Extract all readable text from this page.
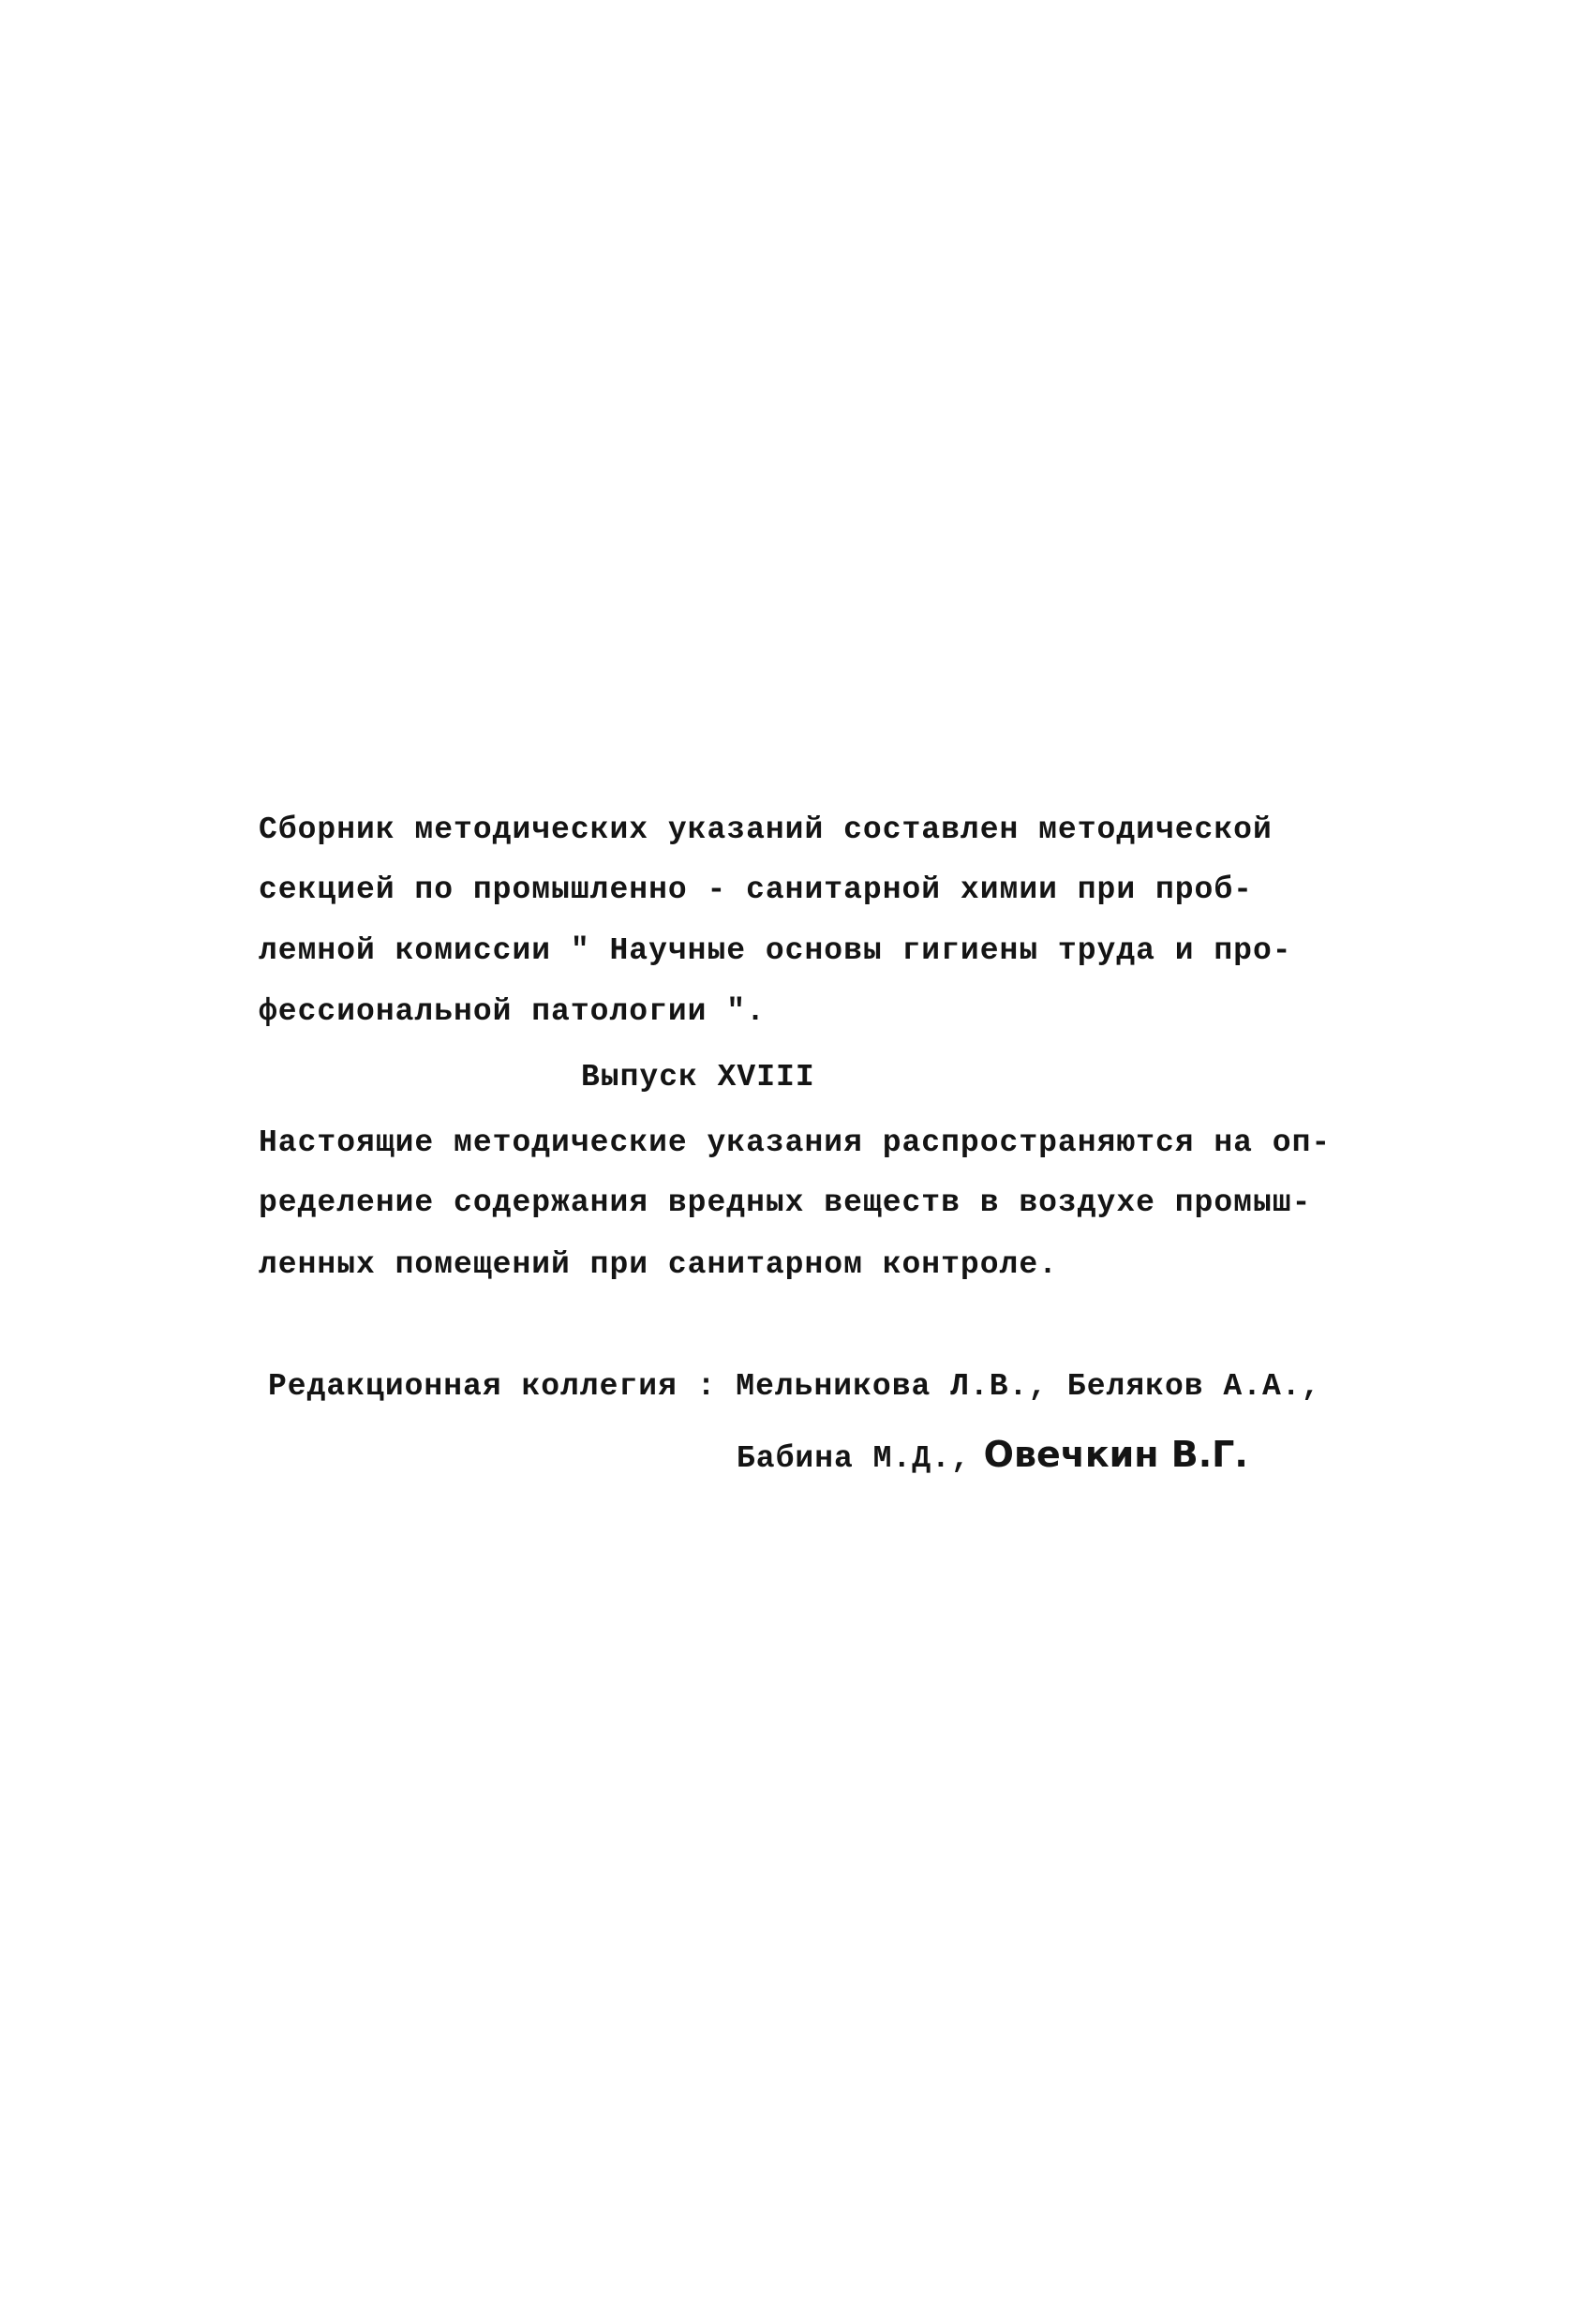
Сборник методических указаний составлен методической
секцией по промышленно - санитарной химии при проб-
лемной комиссии " Научные основы гигиены труда и про-
фессиональной патологии ".
Выпуск XVIII
Настоящие методические указания распространяются на оп-
ределение содержания вредных веществ в воздухе промыш-
ленных помещений при санитарном контроле.
Редакционная коллегия : Мельникова Л.В., Беляков А.А.,
Бабина М.Д., Овечкин В.Г.
